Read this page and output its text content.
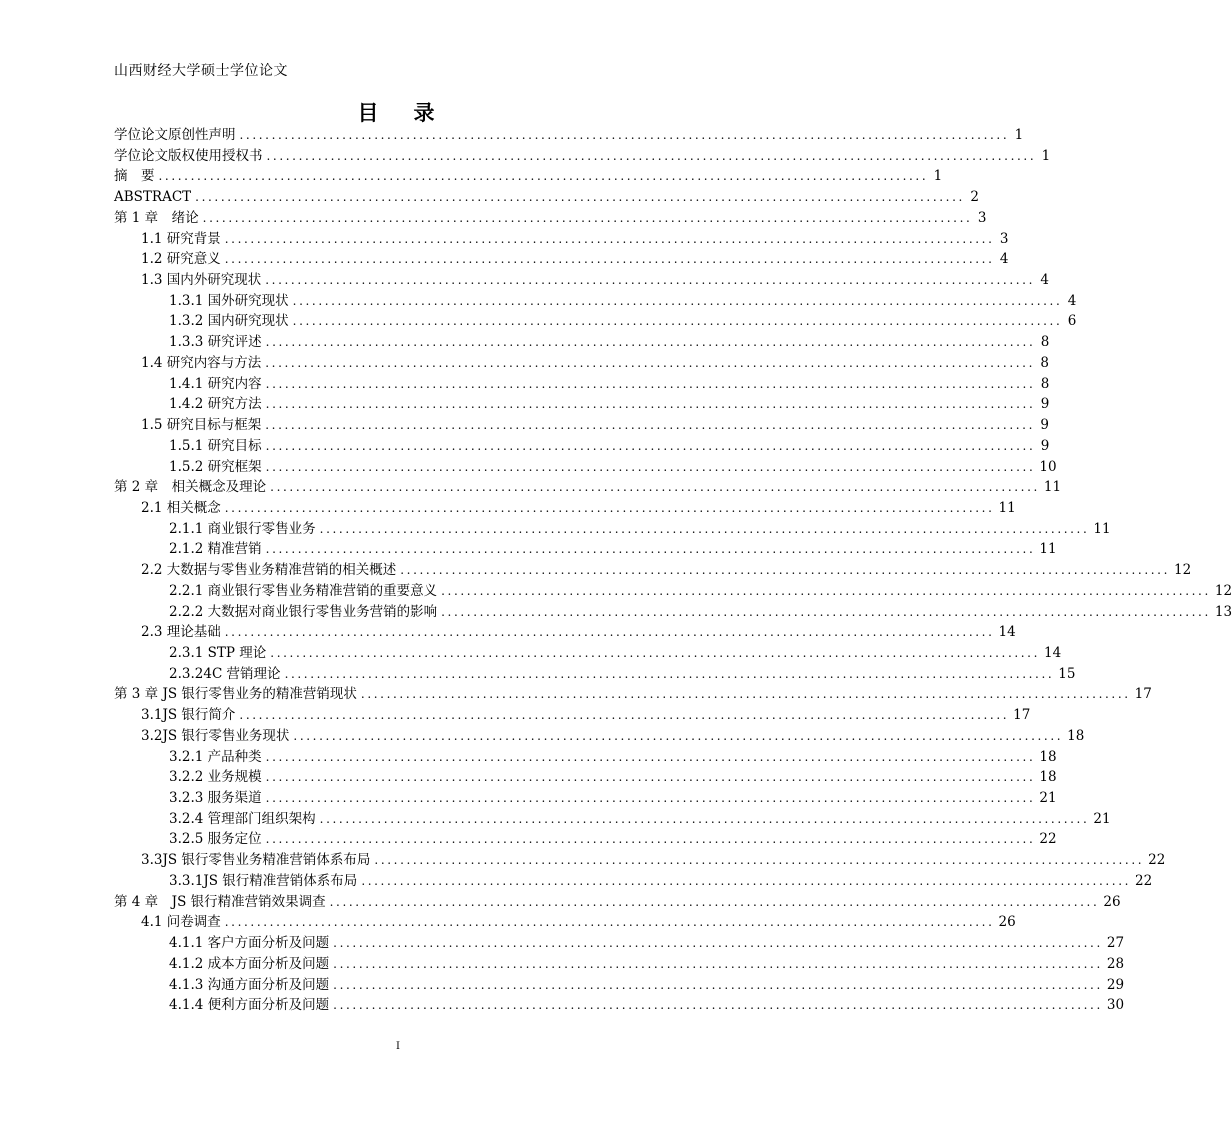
山西财经大学硕士学位论文
目 录
学位论文原创性声明 ........................................................................................................................ 1
学位论文版权使用授权书 ........................................................................................................................ 1
摘　要 ........................................................................................................................ 1
ABSTRACT ........................................................................................................................ 2
第 1 章　绪论 ........................................................................................................................ 3
1.1 研究背景 ........................................................................................................................ 3
1.2 研究意义 ........................................................................................................................ 4
1.3 国内外研究现状 ........................................................................................................................ 4
1.3.1 国外研究现状 ........................................................................................................................ 4
1.3.2 国内研究现状 ........................................................................................................................ 6
1.3.3 研究评述 ........................................................................................................................ 8
1.4 研究内容与方法 ........................................................................................................................ 8
1.4.1 研究内容 ........................................................................................................................ 8
1.4.2 研究方法 ........................................................................................................................ 9
1.5 研究目标与框架 ........................................................................................................................ 9
1.5.1 研究目标 ........................................................................................................................ 9
1.5.2 研究框架 ........................................................................................................................ 10
第 2 章　相关概念及理论 ........................................................................................................................ 11
2.1 相关概念 ........................................................................................................................ 11
2.1.1 商业银行零售业务 ........................................................................................................................ 11
2.1.2 精准营销 ........................................................................................................................ 11
2.2 大数据与零售业务精准营销的相关概述 ........................................................................................................................ 12
2.2.1 商业银行零售业务精准营销的重要意义 ........................................................................................................................ 12
2.2.2 大数据对商业银行零售业务营销的影响 ........................................................................................................................ 13
2.3 理论基础 ........................................................................................................................ 14
2.3.1 STP 理论 ........................................................................................................................ 14
2.3.24C 营销理论 ........................................................................................................................ 15
第 3 章 JS 银行零售业务的精准营销现状 ........................................................................................................................ 17
3.1JS 银行简介 ........................................................................................................................ 17
3.2JS 银行零售业务现状 ........................................................................................................................ 18
3.2.1 产品种类 ........................................................................................................................ 18
3.2.2 业务规模 ........................................................................................................................ 18
3.2.3 服务渠道 ........................................................................................................................ 21
3.2.4 管理部门组织架构 ........................................................................................................................ 21
3.2.5 服务定位 ........................................................................................................................ 22
3.3JS 银行零售业务精准营销体系布局 ........................................................................................................................ 22
3.3.1JS 银行精准营销体系布局 ........................................................................................................................ 22
第 4 章　JS 银行精准营销效果调查 ........................................................................................................................ 26
4.1 问卷调查 ........................................................................................................................ 26
4.1.1 客户方面分析及问题 ........................................................................................................................ 27
4.1.2 成本方面分析及问题 ........................................................................................................................ 28
4.1.3 沟通方面分析及问题 ........................................................................................................................ 29
4.1.4 便利方面分析及问题 ........................................................................................................................ 30
I
